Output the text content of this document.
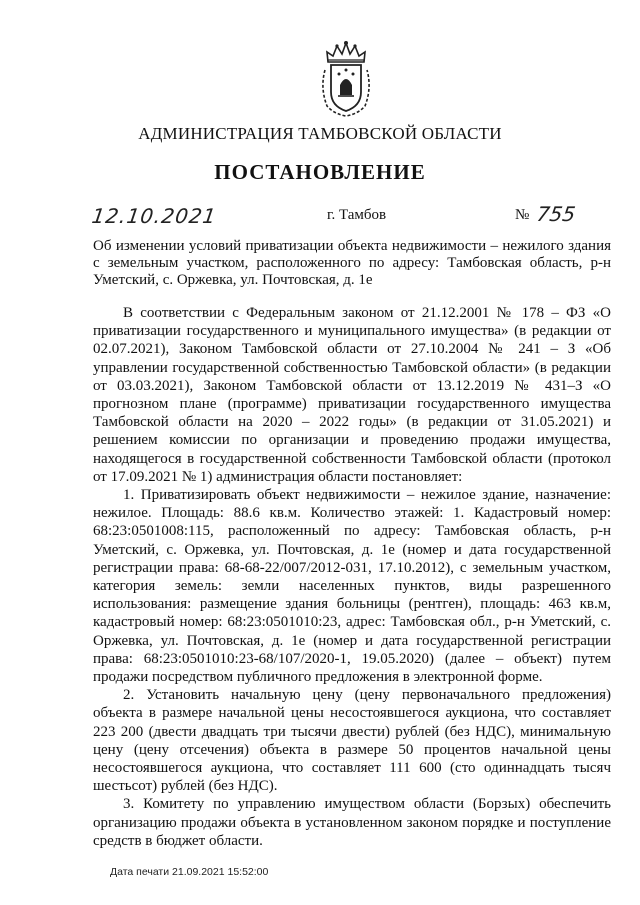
АДМИНИСТРАЦИЯ ТАМБОВСКОЙ ОБЛАСТИ
ПОСТАНОВЛЕНИЕ
12.10.2021	г. Тамбов	№ 755
Об изменении условий приватизации объекта недвижимости – нежилого здания с земельным участком, расположенного по адресу: Тамбовская область, р-н Уметский, с. Оржевка, ул. Почтовская, д. 1е

В соответствии с Федеральным законом от 21.12.2001 № 178 – ФЗ «О приватизации государственного и муниципального имущества» (в редакции от 02.07.2021), Законом Тамбовской области от 27.10.2004 № 241 – З «Об управлении государственной собственностью Тамбовской области» (в редакции от 03.03.2021), Законом Тамбовской области от 13.12.2019 № 431–З «О прогнозном плане (программе) приватизации государственного имущества Тамбовской области на 2020 – 2022 годы» (в редакции от 31.05.2021) и решением комиссии по организации и проведению продажи имущества, находящегося в государственной собственности Тамбовской области (протокол от 17.09.2021 № 1) администрация области постановляет:

1. Приватизировать объект недвижимости – нежилое здание, назначение: нежилое. Площадь: 88.6 кв.м. Количество этажей: 1. Кадастровый номер: 68:23:0501008:115, расположенный по адресу: Тамбовская область, р-н Уметский, с. Оржевка, ул. Почтовская, д. 1е (номер и дата государственной регистрации права: 68-68-22/007/2012-031, 17.10.2012), с земельным участком, категория земель: земли населенных пунктов, виды разрешенного использования: размещение здания больницы (рентген), площадь: 463 кв.м, кадастровый номер: 68:23:0501010:23, адрес: Тамбовская обл., р-н Уметский, с. Оржевка, ул. Почтовская, д. 1е (номер и дата государственной регистрации права: 68:23:0501010:23-68/107/2020-1, 19.05.2020) (далее – объект) путем продажи посредством публичного предложения в электронной форме.

2. Установить начальную цену (цену первоначального предложения) объекта в размере начальной цены несостоявшегося аукциона, что составляет 223 200 (двести двадцать три тысячи двести) рублей (без НДС), минимальную цену (цену отсечения) объекта в размере 50 процентов начальной цены несостоявшегося аукциона, что составляет 111 600 (сто одиннадцать тысяч шестьсот) рублей (без НДС).

3. Комитету по управлению имуществом области (Борзых) обеспечить организацию продажи объекта в установленном законом порядке и поступление средств в бюджет области.

Дата печати 21.09.2021 15:52:00
